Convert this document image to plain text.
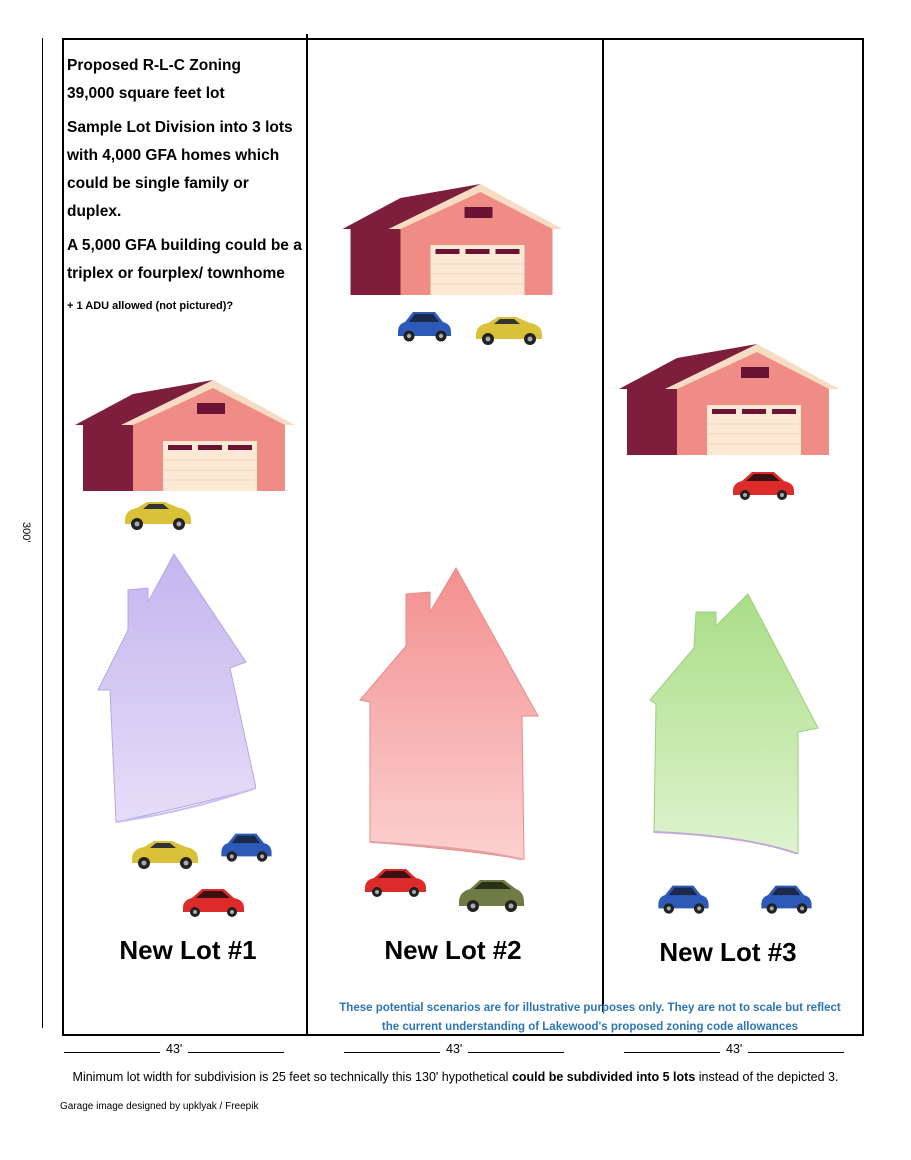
300'

Proposed R-L-C Zoning

39,000 square feet lot

Sample Lot Division into 3 lots with 4,000 GFA homes which could be single family or duplex.

A 5,000 GFA building could be a triplex or fourplex/ townhome

+ 1 ADU allowed (not pictured)?

New Lot #1	New Lot #2	New Lot #3
These potential scenarios are for illustrative purposes only. They are not to scale but reflect
the current understanding of Lakewood's proposed zoning code allowances
43'	43'	43'
Minimum lot width for subdivision is 25 feet so technically this 130' hypothetical could be subdivided into 5 lots instead of the depicted 3.
Garage image designed by upklyak / Freepik
